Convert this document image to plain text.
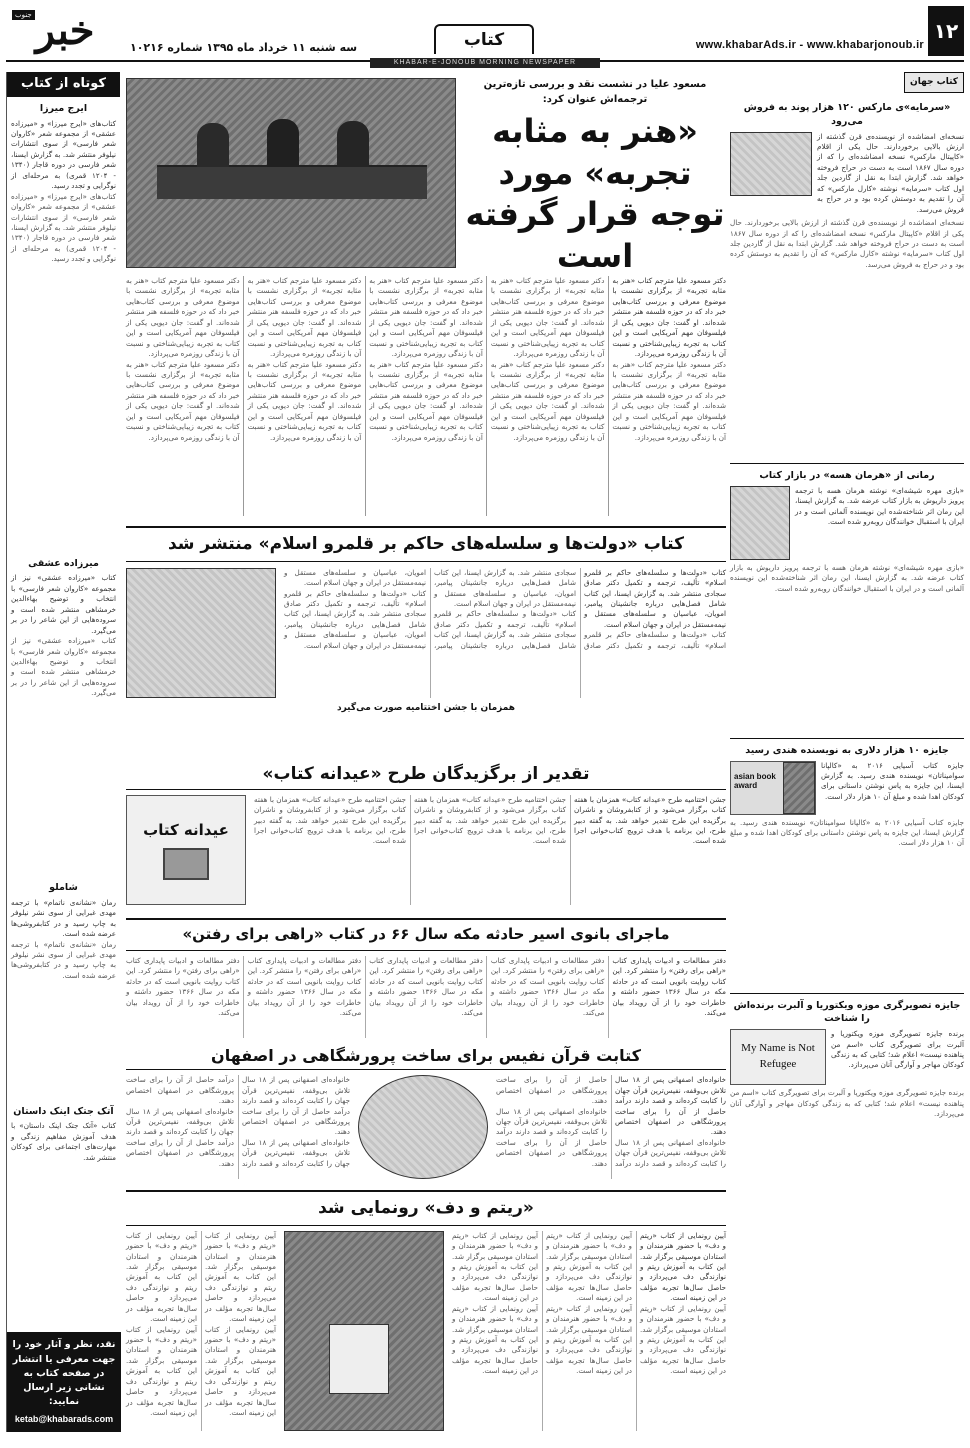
جنوب خبر	سه شنبه ۱۱ خرداد ماه ۱۳۹۵ شماره ۱۰۲۱۶	کتاب	www.khabarAds.ir - www.khabarjonoub.ir
۱۲
KHABAR-E-JONOUB MORNING NEWSPAPER
کوتاه از کتاب
ایرج میرزا

کتاب‌های «ایرج میرزا» و «میرزاده عشقی» از مجموعه شعر «کاروان شعر فارسی» از سوی انتشارات نیلوفر منتشر شد. به گزارش ایسنا، شعر فارسی در دوره قاجار (۱۳۴۰ - ۱۲۰۴ قمری) به مرحله‌ای از نوگرایی و تجدد رسید.

کتاب‌های «ایرج میرزا» و «میرزاده عشقی» از مجموعه شعر «کاروان شعر فارسی» از سوی انتشارات نیلوفر منتشر شد. به گزارش ایسنا، شعر فارسی در دوره قاجار (۱۳۴۰ - ۱۲۰۴ قمری) به مرحله‌ای از نوگرایی و تجدد رسید.

میرزاده عشقی

کتاب «میرزاده عشقی» نیز از مجموعه «کاروان شعر فارسی» با انتخاب و توضیح بهاءالدین خرمشاهی منتشر شده است و سروده‌هایی از این شاعر را در بر می‌گیرد.

کتاب «میرزاده عشقی» نیز از مجموعه «کاروان شعر فارسی» با انتخاب و توضیح بهاءالدین خرمشاهی منتشر شده است و سروده‌هایی از این شاعر را در بر می‌گیرد.

شاملو

رمان «نشانه‌ی ناتمام» با ترجمه مهدی غبرایی از سوی نشر نیلوفر به چاپ رسید و در کتابفروشی‌ها عرضه شده است.

رمان «نشانه‌ی ناتمام» با ترجمه مهدی غبرایی از سوی نشر نیلوفر به چاپ رسید و در کتابفروشی‌ها عرضه شده است.

آتک جتک اینک داستان

کتاب «آتک جتک اینک داستان» با هدف آموزش مفاهیم زندگی و مهارت‌های اجتماعی برای کودکان منتشر شد.

نقد، نظر و آثار خود را جهت معرفی یا انتشار در صفحه کتاب به نشانی زیر ارسال نمایید:
ketab@khabarads.com
کتاب جهان
«سرمایه»ی مارکس ۱۲۰ هزار پوند به فروش می‌رود

نسخه‌ای امضاشده از نویسنده‌ی قرن گذشته از ارزش بالایی برخوردارند. حال یکی از اقلام «کاپیتال مارکس» نسخه امضاشده‌ای را که از دوره سال ۱۸۶۷ است به دست در حراج فروخته خواهد شد. گزارش ابتدا به نقل از گاردین جلد اول کتاب «سرمایه» نوشته «کارل مارکس» که آن را تقدیم به دوستش کرده بود و در حراج به فروش می‌رسد.

نسخه‌ای امضاشده از نویسنده‌ی قرن گذشته از ارزش بالایی برخوردارند. حال یکی از اقلام «کاپیتال مارکس» نسخه امضاشده‌ای را که از دوره سال ۱۸۶۷ است به دست در حراج فروخته خواهد شد. گزارش ابتدا به نقل از گاردین جلد اول کتاب «سرمایه» نوشته «کارل مارکس» که آن را تقدیم به دوستش کرده بود و در حراج به فروش می‌رسد.

رمانی از «هرمان هسه» در بازار کتاب

«بازی مهره شیشه‌ای» نوشته هرمان هسه با ترجمه پرویز داریوش به بازار کتاب عرضه شد. به گزارش ایسنا، این رمان اثر شناخته‌شده این نویسنده آلمانی است و در ایران با استقبال خوانندگان روبه‌رو شده است.

«بازی مهره شیشه‌ای» نوشته هرمان هسه با ترجمه پرویز داریوش به بازار کتاب عرضه شد. به گزارش ایسنا، این رمان اثر شناخته‌شده این نویسنده آلمانی است و در ایران با استقبال خوانندگان روبه‌رو شده است.

جایزه ۱۰ هزار دلاری به نویسنده هندی رسید

جایزه کتاب آسیایی ۲۰۱۶ به «کالپانا سوامیناتان» نویسنده هندی رسید. به گزارش ایسنا، این جایزه به پاس نوشتن داستانی برای کودکان اهدا شده و مبلغ آن ۱۰ هزار دلار است.

asian book award

جایزه کتاب آسیایی ۲۰۱۶ به «کالپانا سوامیناتان» نویسنده هندی رسید. به گزارش ایسنا، این جایزه به پاس نوشتن داستانی برای کودکان اهدا شده و مبلغ آن ۱۰ هزار دلار است.

جایزه تصویرگری موزه ویکتوریا و آلبرت برنده‌اش را شناخت

برنده جایزه تصویرگری موزه ویکتوریا و آلبرت برای تصویرگری کتاب «اسم من پناهنده نیست» اعلام شد؛ کتابی که به زندگی کودکان مهاجر و آوارگی آنان می‌پردازد.

My Name is Not Refugee

برنده جایزه تصویرگری موزه ویکتوریا و آلبرت برای تصویرگری کتاب «اسم من پناهنده نیست» اعلام شد؛ کتابی که به زندگی کودکان مهاجر و آوارگی آنان می‌پردازد.

مسعود علیا در نشست نقد و بررسی تازه‌ترین ترجمه‌اش عنوان کرد:
«هنر به مثابه تجربه» مورد توجه قرار گرفته است

دکتر مسعود علیا مترجم کتاب «هنر به مثابه تجربه» از برگزاری نشست با موضوع معرفی و بررسی کتاب‌هایی خبر داد که در حوزه فلسفه هنر منتشر شده‌اند. او گفت: جان دیویی یکی از فیلسوفان مهم آمریکایی است و این کتاب به تجربه زیبایی‌شناختی و نسبت آن با زندگی روزمره می‌پردازد.

دکتر مسعود علیا مترجم کتاب «هنر به مثابه تجربه» از برگزاری نشست با موضوع معرفی و بررسی کتاب‌هایی خبر داد که در حوزه فلسفه هنر منتشر شده‌اند. او گفت: جان دیویی یکی از فیلسوفان مهم آمریکایی است و این کتاب به تجربه زیبایی‌شناختی و نسبت آن با زندگی روزمره می‌پردازد.

دکتر مسعود علیا مترجم کتاب «هنر به مثابه تجربه» از برگزاری نشست با موضوع معرفی و بررسی کتاب‌هایی خبر داد که در حوزه فلسفه هنر منتشر شده‌اند. او گفت: جان دیویی یکی از فیلسوفان مهم آمریکایی است و این کتاب به تجربه زیبایی‌شناختی و نسبت آن با زندگی روزمره می‌پردازد.

دکتر مسعود علیا مترجم کتاب «هنر به مثابه تجربه» از برگزاری نشست با موضوع معرفی و بررسی کتاب‌هایی خبر داد که در حوزه فلسفه هنر منتشر شده‌اند. او گفت: جان دیویی یکی از فیلسوفان مهم آمریکایی است و این کتاب به تجربه زیبایی‌شناختی و نسبت آن با زندگی روزمره می‌پردازد.

دکتر مسعود علیا مترجم کتاب «هنر به مثابه تجربه» از برگزاری نشست با موضوع معرفی و بررسی کتاب‌هایی خبر داد که در حوزه فلسفه هنر منتشر شده‌اند. او گفت: جان دیویی یکی از فیلسوفان مهم آمریکایی است و این کتاب به تجربه زیبایی‌شناختی و نسبت آن با زندگی روزمره می‌پردازد.

دکتر مسعود علیا مترجم کتاب «هنر به مثابه تجربه» از برگزاری نشست با موضوع معرفی و بررسی کتاب‌هایی خبر داد که در حوزه فلسفه هنر منتشر شده‌اند. او گفت: جان دیویی یکی از فیلسوفان مهم آمریکایی است و این کتاب به تجربه زیبایی‌شناختی و نسبت آن با زندگی روزمره می‌پردازد.

دکتر مسعود علیا مترجم کتاب «هنر به مثابه تجربه» از برگزاری نشست با موضوع معرفی و بررسی کتاب‌هایی خبر داد که در حوزه فلسفه هنر منتشر شده‌اند. او گفت: جان دیویی یکی از فیلسوفان مهم آمریکایی است و این کتاب به تجربه زیبایی‌شناختی و نسبت آن با زندگی روزمره می‌پردازد.

دکتر مسعود علیا مترجم کتاب «هنر به مثابه تجربه» از برگزاری نشست با موضوع معرفی و بررسی کتاب‌هایی خبر داد که در حوزه فلسفه هنر منتشر شده‌اند. او گفت: جان دیویی یکی از فیلسوفان مهم آمریکایی است و این کتاب به تجربه زیبایی‌شناختی و نسبت آن با زندگی روزمره می‌پردازد.

دکتر مسعود علیا مترجم کتاب «هنر به مثابه تجربه» از برگزاری نشست با موضوع معرفی و بررسی کتاب‌هایی خبر داد که در حوزه فلسفه هنر منتشر شده‌اند. او گفت: جان دیویی یکی از فیلسوفان مهم آمریکایی است و این کتاب به تجربه زیبایی‌شناختی و نسبت آن با زندگی روزمره می‌پردازد.

دکتر مسعود علیا مترجم کتاب «هنر به مثابه تجربه» از برگزاری نشست با موضوع معرفی و بررسی کتاب‌هایی خبر داد که در حوزه فلسفه هنر منتشر شده‌اند. او گفت: جان دیویی یکی از فیلسوفان مهم آمریکایی است و این کتاب به تجربه زیبایی‌شناختی و نسبت آن با زندگی روزمره می‌پردازد.

کتاب «دولت‌ها و سلسله‌های حاکم بر قلمرو اسلام» منتشر شد

کتاب «دولت‌ها و سلسله‌های حاکم بر قلمرو اسلام» تألیف، ترجمه و تکمیل دکتر صادق سجادی منتشر شد. به گزارش ایسنا، این کتاب شامل فصل‌هایی درباره جانشینان پیامبر، امویان، عباسیان و سلسله‌های مستقل و نیمه‌مستقل در ایران و جهان اسلام است.

کتاب «دولت‌ها و سلسله‌های حاکم بر قلمرو اسلام» تألیف، ترجمه و تکمیل دکتر صادق سجادی منتشر شد. به گزارش ایسنا، این کتاب شامل فصل‌هایی درباره جانشینان پیامبر، امویان، عباسیان و سلسله‌های مستقل و نیمه‌مستقل در ایران و جهان اسلام است.

کتاب «دولت‌ها و سلسله‌های حاکم بر قلمرو اسلام» تألیف، ترجمه و تکمیل دکتر صادق سجادی منتشر شد. به گزارش ایسنا، این کتاب شامل فصل‌هایی درباره جانشینان پیامبر، امویان، عباسیان و سلسله‌های مستقل و نیمه‌مستقل در ایران و جهان اسلام است.

کتاب «دولت‌ها و سلسله‌های حاکم بر قلمرو اسلام» تألیف، ترجمه و تکمیل دکتر صادق سجادی منتشر شد. به گزارش ایسنا، این کتاب شامل فصل‌هایی درباره جانشینان پیامبر، امویان، عباسیان و سلسله‌های مستقل و نیمه‌مستقل در ایران و جهان اسلام است.

همزمان با جشن اختتامیه صورت می‌گیرد
تقدیر از برگزیدگان طرح «عیدانه کتاب»

جشن اختتامیه طرح «عیدانه کتاب» همزمان با هفته کتاب برگزار می‌شود و از کتابفروشان و ناشران برگزیده این طرح تقدیر خواهد شد. به گفته دبیر طرح، این برنامه با هدف ترویج کتاب‌خوانی اجرا شده است.

جشن اختتامیه طرح «عیدانه کتاب» همزمان با هفته کتاب برگزار می‌شود و از کتابفروشان و ناشران برگزیده این طرح تقدیر خواهد شد. به گفته دبیر طرح، این برنامه با هدف ترویج کتاب‌خوانی اجرا شده است.

جشن اختتامیه طرح «عیدانه کتاب» همزمان با هفته کتاب برگزار می‌شود و از کتابفروشان و ناشران برگزیده این طرح تقدیر خواهد شد. به گفته دبیر طرح، این برنامه با هدف ترویج کتاب‌خوانی اجرا شده است.

عیدانه کتاب
ماجرای بانوی اسیر حادثه مکه سال ۶۶ در کتاب «راهی برای رفتن»

دفتر مطالعات و ادبیات پایداری کتاب «راهی برای رفتن» را منتشر کرد. این کتاب روایت بانویی است که در حادثه مکه در سال ۱۳۶۶ حضور داشته و خاطرات خود را از آن رویداد بیان می‌کند.

دفتر مطالعات و ادبیات پایداری کتاب «راهی برای رفتن» را منتشر کرد. این کتاب روایت بانویی است که در حادثه مکه در سال ۱۳۶۶ حضور داشته و خاطرات خود را از آن رویداد بیان می‌کند.

دفتر مطالعات و ادبیات پایداری کتاب «راهی برای رفتن» را منتشر کرد. این کتاب روایت بانویی است که در حادثه مکه در سال ۱۳۶۶ حضور داشته و خاطرات خود را از آن رویداد بیان می‌کند.

دفتر مطالعات و ادبیات پایداری کتاب «راهی برای رفتن» را منتشر کرد. این کتاب روایت بانویی است که در حادثه مکه در سال ۱۳۶۶ حضور داشته و خاطرات خود را از آن رویداد بیان می‌کند.

دفتر مطالعات و ادبیات پایداری کتاب «راهی برای رفتن» را منتشر کرد. این کتاب روایت بانویی است که در حادثه مکه در سال ۱۳۶۶ حضور داشته و خاطرات خود را از آن رویداد بیان می‌کند.

کتابت قرآن نفیس برای ساخت پرورشگاهی در اصفهان

خانواده‌ای اصفهانی پس از ۱۸ سال تلاش بی‌وقفه، نفیس‌ترین قرآن جهان را کتابت کرده‌اند و قصد دارند درآمد حاصل از آن را برای ساخت پرورشگاهی در اصفهان اختصاص دهند.

خانواده‌ای اصفهانی پس از ۱۸ سال تلاش بی‌وقفه، نفیس‌ترین قرآن جهان را کتابت کرده‌اند و قصد دارند درآمد حاصل از آن را برای ساخت پرورشگاهی در اصفهان اختصاص دهند.

خانواده‌ای اصفهانی پس از ۱۸ سال تلاش بی‌وقفه، نفیس‌ترین قرآن جهان را کتابت کرده‌اند و قصد دارند درآمد حاصل از آن را برای ساخت پرورشگاهی در اصفهان اختصاص دهند.

خانواده‌ای اصفهانی پس از ۱۸ سال تلاش بی‌وقفه، نفیس‌ترین قرآن جهان را کتابت کرده‌اند و قصد دارند درآمد حاصل از آن را برای ساخت پرورشگاهی در اصفهان اختصاص دهند.

خانواده‌ای اصفهانی پس از ۱۸ سال تلاش بی‌وقفه، نفیس‌ترین قرآن جهان را کتابت کرده‌اند و قصد دارند درآمد حاصل از آن را برای ساخت پرورشگاهی در اصفهان اختصاص دهند.

خانواده‌ای اصفهانی پس از ۱۸ سال تلاش بی‌وقفه، نفیس‌ترین قرآن جهان را کتابت کرده‌اند و قصد دارند درآمد حاصل از آن را برای ساخت پرورشگاهی در اصفهان اختصاص دهند.

«ریتم و دف» رونمایی شد

آیین رونمایی از کتاب «ریتم و دف» با حضور هنرمندان و استادان موسیقی برگزار شد. این کتاب به آموزش ریتم و نوازندگی دف می‌پردازد و حاصل سال‌ها تجربه مؤلف در این زمینه است.

آیین رونمایی از کتاب «ریتم و دف» با حضور هنرمندان و استادان موسیقی برگزار شد. این کتاب به آموزش ریتم و نوازندگی دف می‌پردازد و حاصل سال‌ها تجربه مؤلف در این زمینه است.

آیین رونمایی از کتاب «ریتم و دف» با حضور هنرمندان و استادان موسیقی برگزار شد. این کتاب به آموزش ریتم و نوازندگی دف می‌پردازد و حاصل سال‌ها تجربه مؤلف در این زمینه است.

آیین رونمایی از کتاب «ریتم و دف» با حضور هنرمندان و استادان موسیقی برگزار شد. این کتاب به آموزش ریتم و نوازندگی دف می‌پردازد و حاصل سال‌ها تجربه مؤلف در این زمینه است.

آیین رونمایی از کتاب «ریتم و دف» با حضور هنرمندان و استادان موسیقی برگزار شد. این کتاب به آموزش ریتم و نوازندگی دف می‌پردازد و حاصل سال‌ها تجربه مؤلف در این زمینه است.

آیین رونمایی از کتاب «ریتم و دف» با حضور هنرمندان و استادان موسیقی برگزار شد. این کتاب به آموزش ریتم و نوازندگی دف می‌پردازد و حاصل سال‌ها تجربه مؤلف در این زمینه است.

آیین رونمایی از کتاب «ریتم و دف» با حضور هنرمندان و استادان موسیقی برگزار شد. این کتاب به آموزش ریتم و نوازندگی دف می‌پردازد و حاصل سال‌ها تجربه مؤلف در این زمینه است.

آیین رونمایی از کتاب «ریتم و دف» با حضور هنرمندان و استادان موسیقی برگزار شد. این کتاب به آموزش ریتم و نوازندگی دف می‌پردازد و حاصل سال‌ها تجربه مؤلف در این زمینه است.

آیین رونمایی از کتاب «ریتم و دف» با حضور هنرمندان و استادان موسیقی برگزار شد. این کتاب به آموزش ریتم و نوازندگی دف می‌پردازد و حاصل سال‌ها تجربه مؤلف در این زمینه است.

آیین رونمایی از کتاب «ریتم و دف» با حضور هنرمندان و استادان موسیقی برگزار شد. این کتاب به آموزش ریتم و نوازندگی دف می‌پردازد و حاصل سال‌ها تجربه مؤلف در این زمینه است.
